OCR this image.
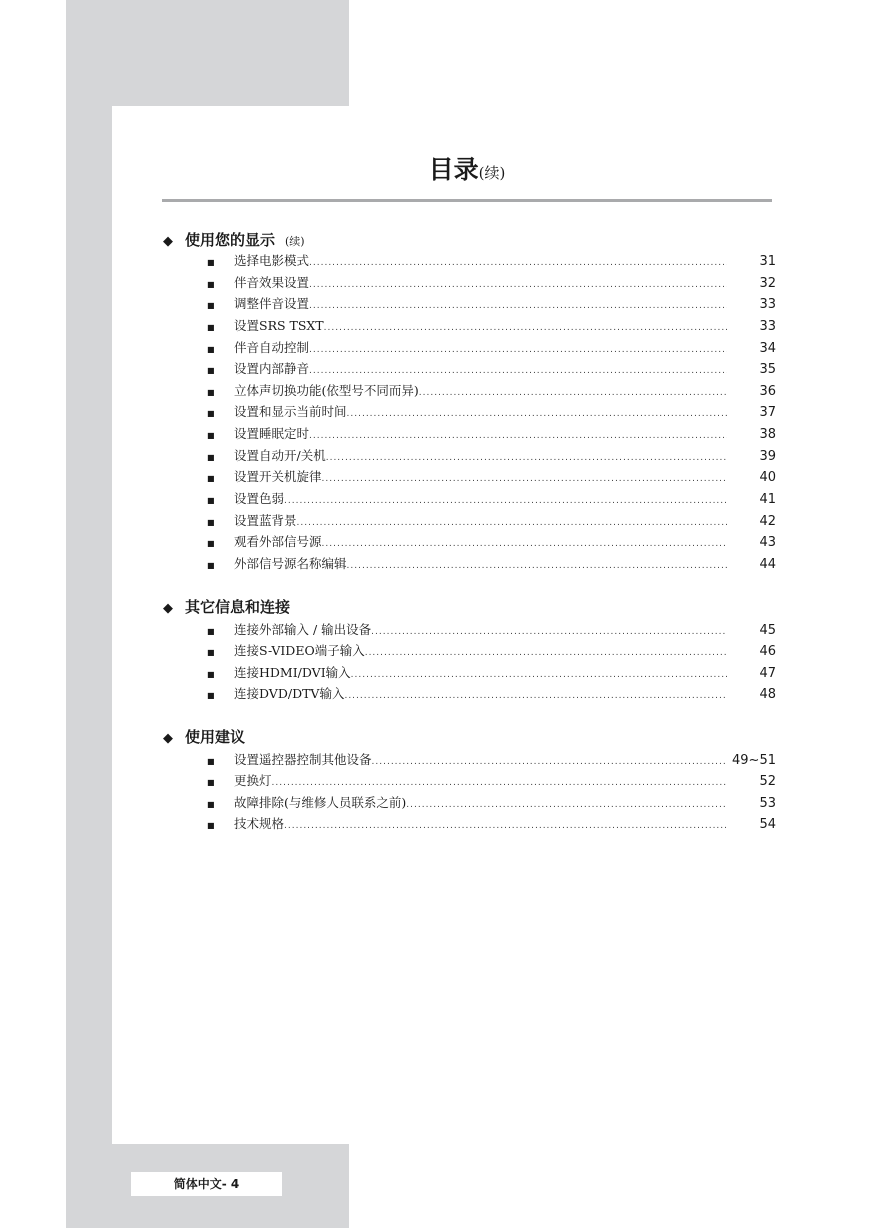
目录(续)
◆ 使用您的显示 (续)
■	选择电影模式 .....	31
■	伴音效果设置 .....	32
■	调整伴音设置 .....	33
■	设置SRS TSXT .....	33
■	伴音自动控制 .....	34
■	设置内部静音 .....	35
■	立体声切换功能(依型号不同而异) .....	36
■	设置和显示当前时间 .....	37
■	设置睡眠定时 .....	38
■	设置自动开/关机 .....	39
■	设置开关机旋律 .....	40
■	设置色弱 .....	41
■	设置蓝背景 .....	42
■	观看外部信号源 .....	43
■	外部信号源名称编辑 .....	44
◆ 其它信息和连接
■	连接外部输入 / 输出设备 .....	45
■	连接S-VIDEO端子输入 .....	46
■	连接HDMI/DVI输入 .....	47
■	连接DVD/DTV输入 .....	48
◆ 使用建议
■	设置遥控器控制其他设备 .....	49~51
■	更换灯 .....	52
■	故障排除(与维修人员联系之前) .....	53
■	技术规格 .....	54
简体中文- 4
